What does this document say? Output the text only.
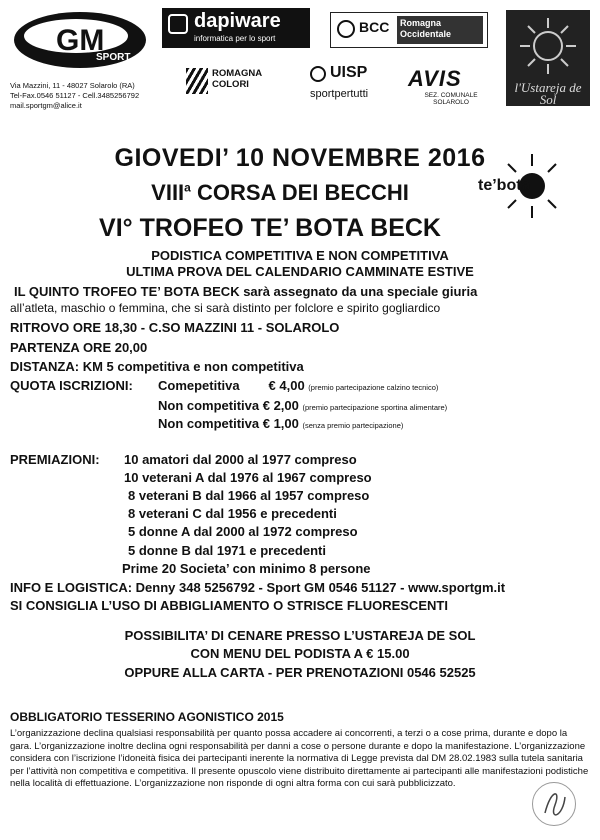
GM
SPORT
Via Mazzini, 11 - 48027 Solarolo (RA)
Tel-Fax.0546 51127 - Cell.3485256792
mail.sportgm@alice.it
dapiware
informatica per lo sport
BCC	Romagna Occidentale
l'Ustareja de Sol
ROMAGNA COLORI
UISP
sportpertutti
AVIS
SEZ. COMUNALE SOLAROLO
GIOVEDI’ 10 NOVEMBRE 2016
VIII$^a$ CORSA DEI BECCHI
VI° TROFEO TE’ BOTA BECK
te’bota
PODISTICA COMPETITIVA E NON COMPETITIVA
ULTIMA PROVA DEL CALENDARIO CAMMINATE ESTIVE
IL QUINTO TROFEO TE’ BOTA BECK sarà assegnato da una speciale giuria
all’atleta, maschio o femmina, che si sarà distinto per folclore e spirito gogliardico
RITROVO ORE 18,30 - C.SO MAZZINI 11 - SOLAROLO
PARTENZA ORE 20,00
DISTANZA: KM 5 competitiva e non competitiva
QUOTA ISCRIZIONI: Comepetitiva        € 4,00 (premio partecipazione calzino tecnico)
Non competitiva € 2,00 (premio partecipazione sportina alimentare)
Non competitiva € 1,00 (senza premio partecipazione)
PREMIAZIONI: 10 amatori dal 2000 al 1977 compreso
10 veterani A dal 1976 al 1967 compreso
8 veterani B dal 1966 al 1957 compreso
8 veterani C dal 1956 e precedenti
5 donne A dal 2000 al 1972 compreso
5 donne B dal 1971 e precedenti
Prime 20 Societa’ con minimo 8 persone
INFO E LOGISTICA: Denny 348 5256792 - Sport GM 0546 51127 - www.sportgm.it
SI CONSIGLIA L’USO DI ABBIGLIAMENTO O STRISCE FLUORESCENTI
POSSIBILITA’ DI CENARE PRESSO L’USTAREJA DE SOL
CON MENU DEL PODISTA A € 15.00
OPPURE ALLA CARTA - PER PRENOTAZIONI 0546 52525
OBBLIGATORIO TESSERINO AGONISTICO 2015
L’organizzazione declina qualsiasi responsabilità per quanto possa accadere ai concorrenti, a terzi o a cose prima, durante e dopo la gara. L’organizzazione inoltre declina ogni responsabilità per danni a cose o persone durante e dopo la manifestazione. L’organizzazione considera con l’iscrizione l’idoneità fisica dei partecipanti inerente la normativa di Legge prevista dal DM 28.02.1983 sulla tutela sanitaria per l’attività non competitiva e competitiva. Il presente opuscolo viene distribuito direttamente ai partecipanti alle manifestazioni podistiche nella località di effettuazione. L’organizzazione non risponde di ogni altra forma con cui sarà pubblicizzato.
